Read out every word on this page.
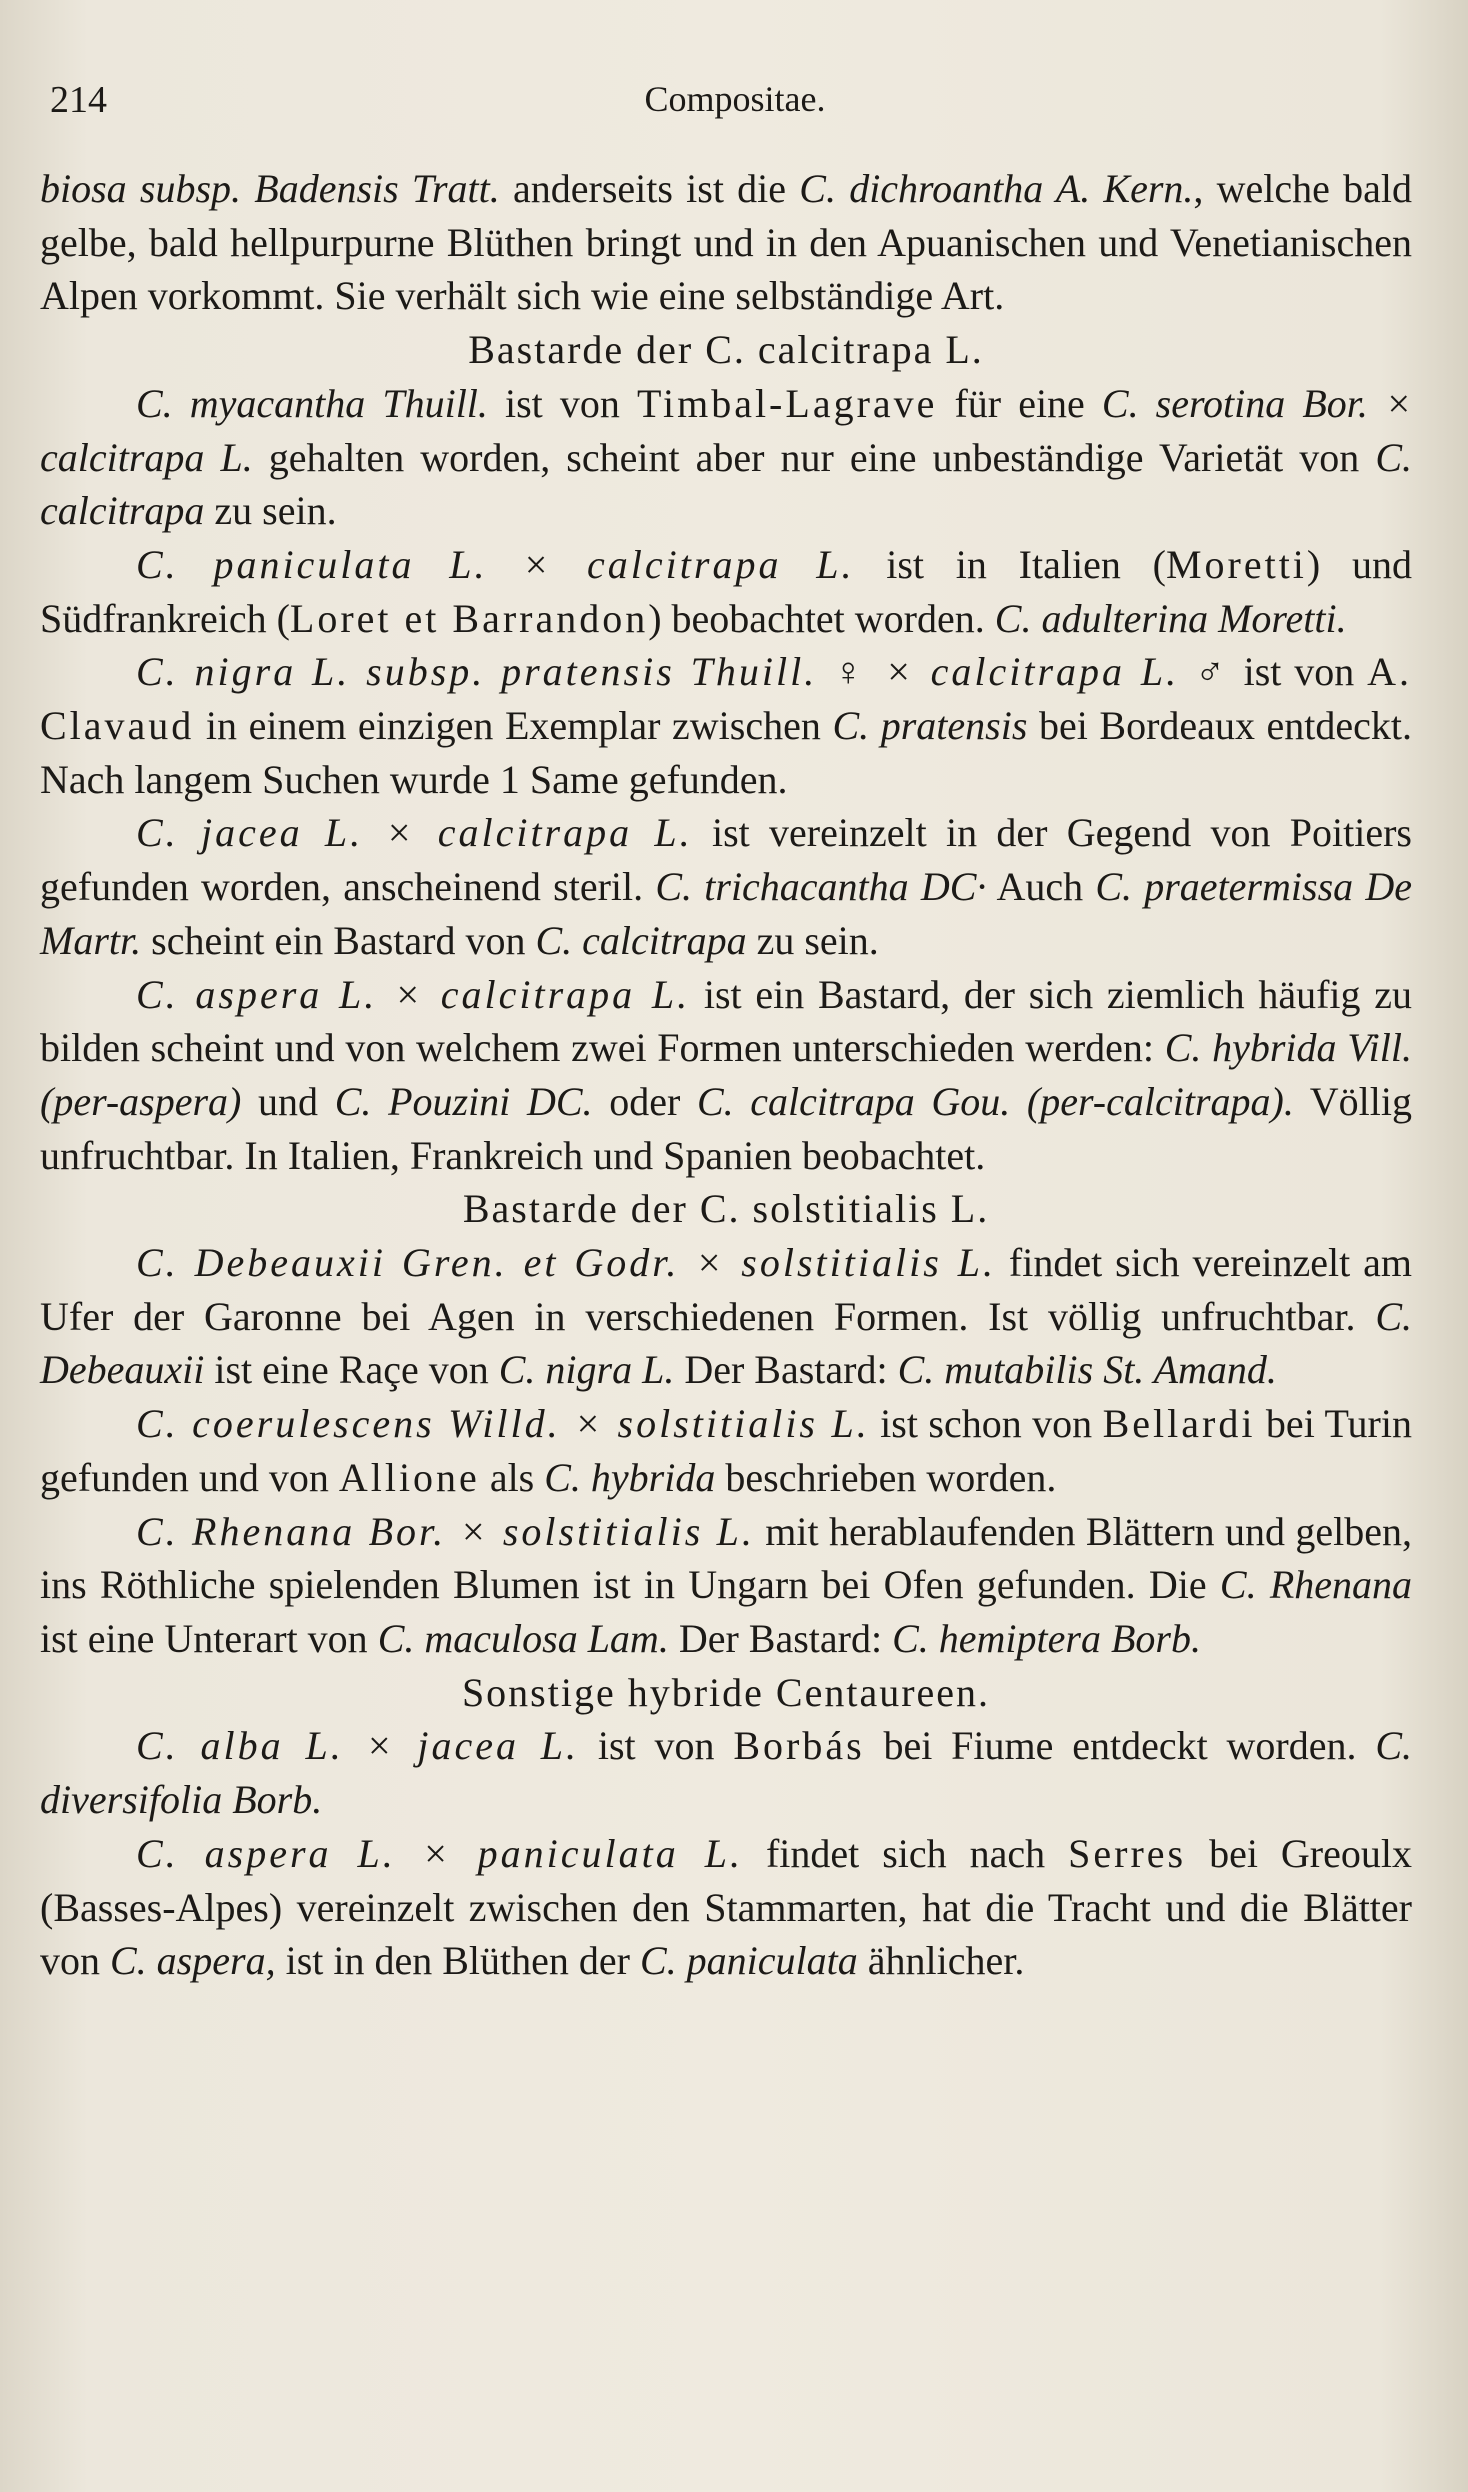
214	Compositae.

biosa subsp. Badensis Tratt. anderseits ist die C. dichroantha A. Kern., welche bald gelbe, bald hellpurpurne Blüthen bringt und in den Apuanischen und Venetianischen Alpen vorkommt. Sie verhält sich wie eine selbständige Art.

Bastarde der C. calcitrapa L.

C. myacantha Thuill. ist von Timbal-Lagrave für eine C. serotina Bor. × calcitrapa L. gehalten worden, scheint aber nur eine unbeständige Varietät von C. calcitrapa zu sein.

C. paniculata L. × calcitrapa L. ist in Italien (Moretti) und Südfrankreich (Loret et Barrandon) beobachtet worden. C. adulterina Moretti.

C. nigra L. subsp. pratensis Thuill. ♀ × calcitrapa L. ♂ ist von A. Clavaud in einem einzigen Exemplar zwischen C. pratensis bei Bordeaux entdeckt. Nach langem Suchen wurde 1 Same gefunden.

C. jacea L. × calcitrapa L. ist vereinzelt in der Gegend von Poitiers gefunden worden, anscheinend steril. C. trichacantha DC· Auch C. praetermissa De Martr. scheint ein Bastard von C. calcitrapa zu sein.

C. aspera L. × calcitrapa L. ist ein Bastard, der sich ziemlich häufig zu bilden scheint und von welchem zwei Formen unterschieden werden: C. hybrida Vill. (per-aspera) und C. Pouzini DC. oder C. calcitrapa Gou. (per-calcitrapa). Völlig unfruchtbar. In Italien, Frankreich und Spanien beobachtet.

Bastarde der C. solstitialis L.

C. Debeauxii Gren. et Godr. × solstitialis L. findet sich vereinzelt am Ufer der Garonne bei Agen in verschiedenen Formen. Ist völlig unfruchtbar. C. Debeauxii ist eine Raçe von C. nigra L. Der Bastard: C. mutabilis St. Amand.

C. coerulescens Willd. × solstitialis L. ist schon von Bellardi bei Turin gefunden und von Allione als C. hybrida beschrieben worden.

C. Rhenana Bor. × solstitialis L. mit herablaufenden Blättern und gelben, ins Röthliche spielenden Blumen ist in Ungarn bei Ofen gefunden. Die C. Rhenana ist eine Unterart von C. maculosa Lam. Der Bastard: C. hemiptera Borb.

Sonstige hybride Centaureen.

C. alba L. × jacea L. ist von Borbás bei Fiume entdeckt worden. C. diversifolia Borb.

C. aspera L. × paniculata L. findet sich nach Serres bei Greoulx (Basses-Alpes) vereinzelt zwischen den Stammarten, hat die Tracht und die Blätter von C. aspera, ist in den Blüthen der C. paniculata ähnlicher.
